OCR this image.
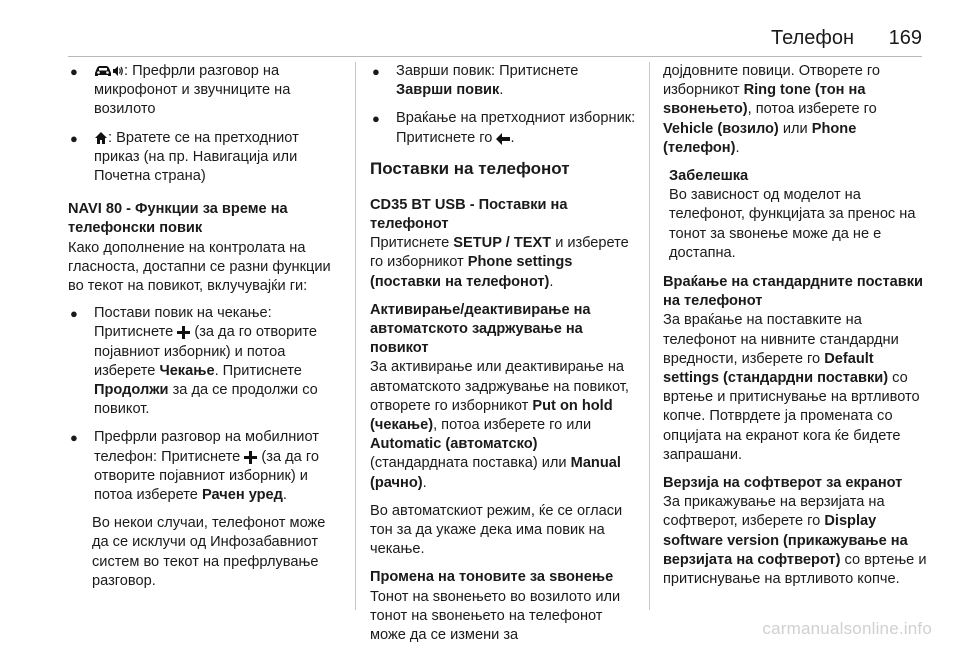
Телефон 169
●	: Префрли разговор на микрофонот и звучниците на возилото
●	: Вратете се на претходниот приказ (на пр. Навигација или Почетна страна)

NAVI 80 - Функции за време на телефонски повик

Како дополнение на контролата на гласноста, достапни се разни функции во текот на повикот, вклучувајќи ги:

●	Постави повик на чекање: Притиснете  (за да го отворите појавниот изборник) и потоа изберете Чекање. Притиснете Продолжи за да се продолжи со повикот.
●	Префрли разговор на мобилниот телефон: Притиснете  (за да го отворите појавниот изборник) и потоа изберете Рачен уред.

Во некои случаи, телефонот може да се исклучи од Инфозабавниот систем во текот на префрлување разговор.

●	Заврши повик: Притиснете Заврши повик.
●	Враќање на претходниот изборник: Притиснете го .
Поставки на телефонот

CD35 BT USB - Поставки на телефонот

Притиснете SETUP / TEXT и изберете го изборникот Phone settings (поставки на телефонот).

Активирање/деактивирање на автоматското задржување на повикот

За активирање или деактивирање на автоматското задржување на повикот, отворете го изборникот Put on hold (чекање), потоа изберете го или Automatic (автоматско) (стандардната поставка) или Manual (рачно).

Во автоматскиот режим, ќе се огласи тон за да укаже дека има повик на чекање.

Промена на тоновите за ѕвонење

Тонот на ѕвонењето во возилото или тонот на ѕвонењето на телефонот може да се измени за

дојдовните повици. Отворете го изборникот Ring tone (тон на ѕвонењето), потоа изберете го Vehicle (возило) или Phone (телефон).

Забелешка
Во зависност од моделот на телефонот, функцијата за пренос на тонот за ѕвонење може да не е достапна.

Враќање на стандардните поставки на телефонот

За враќање на поставките на телефонот на нивните стандардни вредности, изберете го Default settings (стандардни поставки) со вртење и притиснување на вртливото копче. Потврдете ја промената со опцијата на екранот кога ќе бидете запрашани.

Верзија на софтверот за екранот

За прикажување на верзијата на софтверот, изберете го Display software version (прикажување на верзијата на софтверот) со вртење и притиснување на вртливото копче.

carmanualsonline.info
